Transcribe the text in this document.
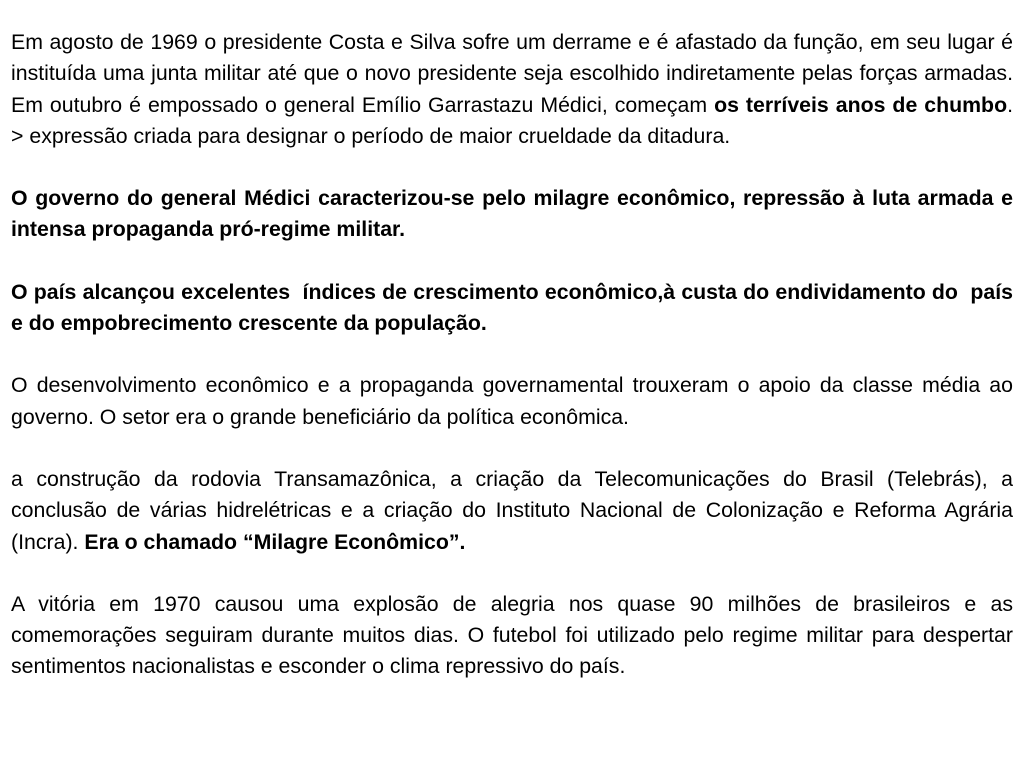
Em agosto de 1969 o presidente Costa e Silva sofre um derrame e é afastado da função, em seu lugar é instituída uma junta militar até que o novo presidente seja escolhido indiretamente pelas forças armadas. Em outubro é empossado o general Emílio Garrastazu Médici, começam os terríveis anos de chumbo. > expressão criada para designar o período de maior crueldade da ditadura.

O governo do general Médici caracterizou-se pelo milagre econômico, repressão à luta armada e intensa propaganda pró-regime militar.

O país alcançou excelentes  índices de crescimento econômico,à custa do endividamento do  país e do empobrecimento crescente da população.

O desenvolvimento econômico e a propaganda governamental trouxeram o apoio da classe média ao governo. O setor era o grande beneficiário da política econômica.

a construção da rodovia Transamazônica, a criação da Telecomunicações do Brasil (Telebrás), a conclusão de várias hidrelétricas e a criação do Instituto Nacional de Colonização e Reforma Agrária (Incra). Era o chamado “Milagre Econômico”.

A vitória em 1970 causou uma explosão de alegria nos quase 90 milhões de brasileiros e as comemorações seguiram durante muitos dias. O futebol foi utilizado pelo regime militar para despertar sentimentos nacionalistas e esconder o clima repressivo do país.
